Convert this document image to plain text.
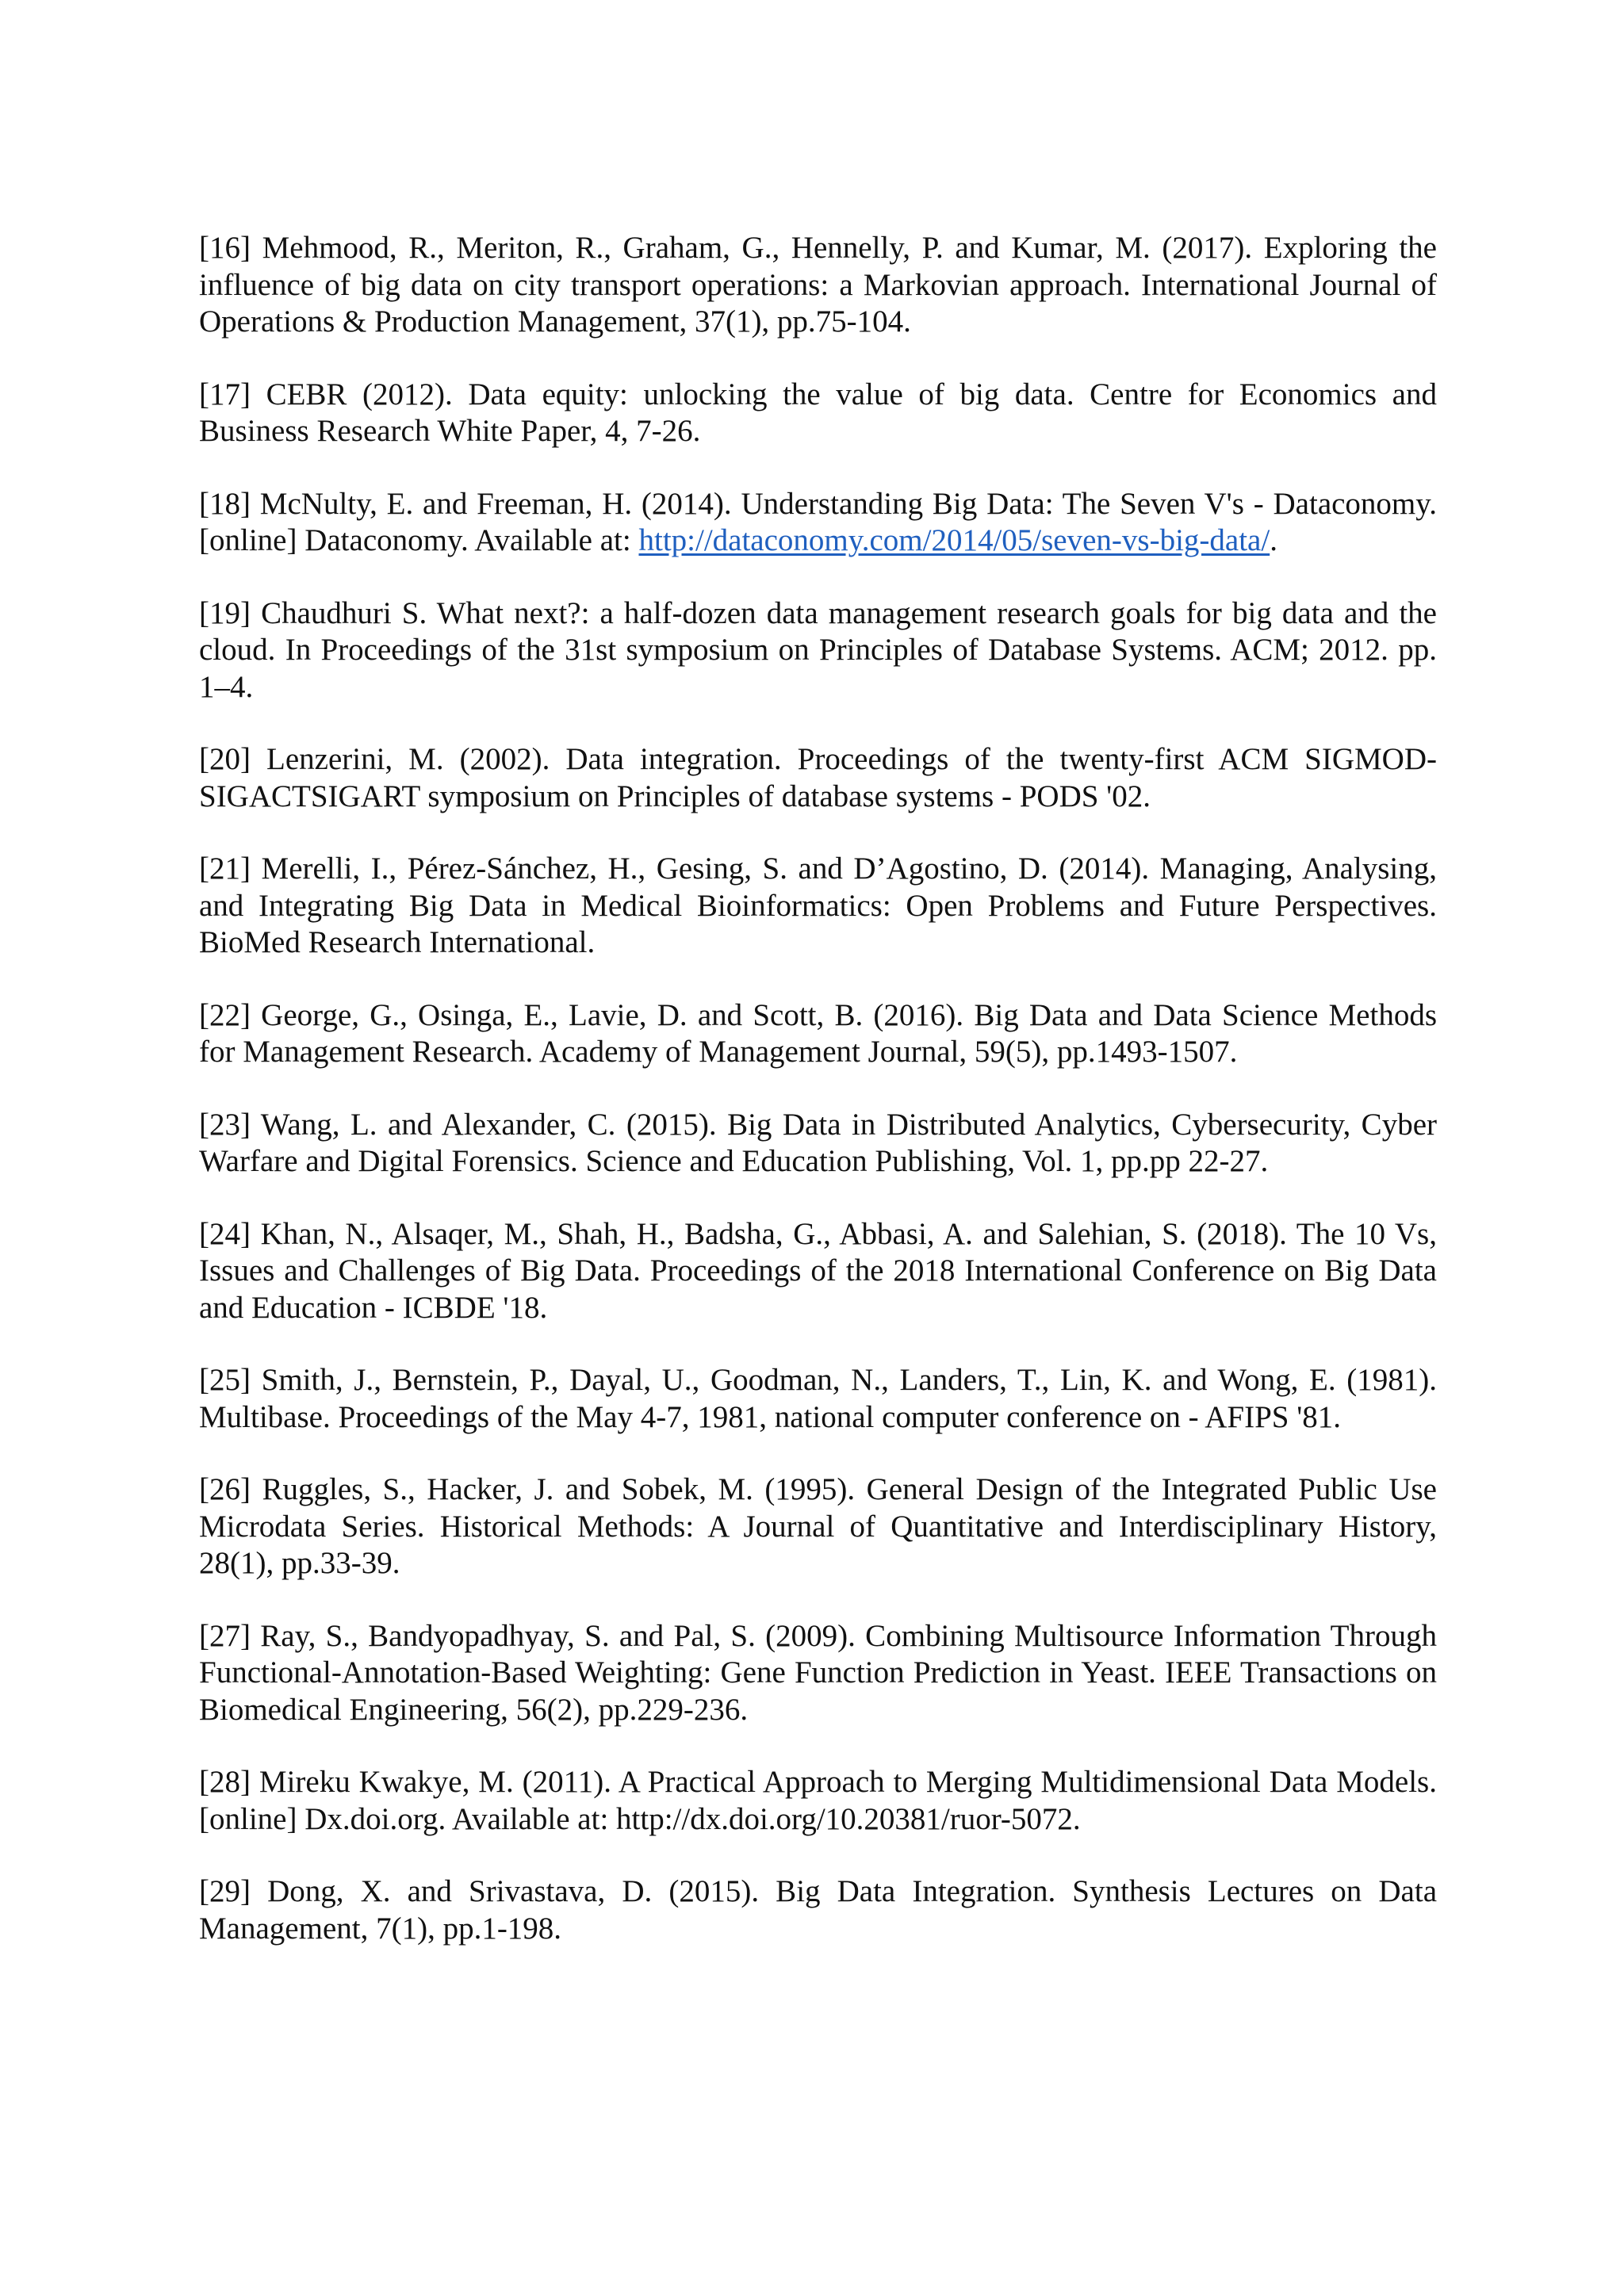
[16] Mehmood, R., Meriton, R., Graham, G., Hennelly, P. and Kumar, M. (2017). Exploring the influence of big data on city transport operations: a Markovian approach. International Journal of Operations & Production Management, 37(1), pp.75-104.
[17] CEBR (2012). Data equity: unlocking the value of big data. Centre for Economics and Business Research White Paper, 4, 7-26.
[18] McNulty, E. and Freeman, H. (2014). Understanding Big Data: The Seven V's - Dataconomy. [online] Dataconomy. Available at: http://dataconomy.com/2014/05/seven-vs-big-data/.
[19] Chaudhuri S. What next?: a half-dozen data management research goals for big data and the cloud. In Proceedings of the 31st symposium on Principles of Database Systems. ACM; 2012. pp. 1–4.
[20] Lenzerini, M. (2002). Data integration. Proceedings of the twenty-first ACM SIGMOD-SIGACTSIGART symposium on Principles of database systems - PODS '02.
[21] Merelli, I., Pérez-Sánchez, H., Gesing, S. and D’Agostino, D. (2014). Managing, Analysing, and Integrating Big Data in Medical Bioinformatics: Open Problems and Future Perspectives. BioMed Research International.
[22] George, G., Osinga, E., Lavie, D. and Scott, B. (2016). Big Data and Data Science Methods for Management Research. Academy of Management Journal, 59(5), pp.1493-1507.
[23] Wang, L. and Alexander, C. (2015). Big Data in Distributed Analytics, Cybersecurity, Cyber Warfare and Digital Forensics. Science and Education Publishing, Vol. 1, pp.pp 22-27.
[24] Khan, N., Alsaqer, M., Shah, H., Badsha, G., Abbasi, A. and Salehian, S. (2018). The 10 Vs, Issues and Challenges of Big Data. Proceedings of the 2018 International Conference on Big Data and Education - ICBDE '18.
[25] Smith, J., Bernstein, P., Dayal, U., Goodman, N., Landers, T., Lin, K. and Wong, E. (1981). Multibase. Proceedings of the May 4-7, 1981, national computer conference on - AFIPS '81.
[26] Ruggles, S., Hacker, J. and Sobek, M. (1995). General Design of the Integrated Public Use Microdata Series. Historical Methods: A Journal of Quantitative and Interdisciplinary History, 28(1), pp.33-39.
[27] Ray, S., Bandyopadhyay, S. and Pal, S. (2009). Combining Multisource Information Through Functional-Annotation-Based Weighting: Gene Function Prediction in Yeast. IEEE Transactions on Biomedical Engineering, 56(2), pp.229-236.
[28] Mireku Kwakye, M. (2011). A Practical Approach to Merging Multidimensional Data Models. [online] Dx.doi.org. Available at: http://dx.doi.org/10.20381/ruor-5072.
[29] Dong, X. and Srivastava, D. (2015). Big Data Integration. Synthesis Lectures on Data Management, 7(1), pp.1-198.
